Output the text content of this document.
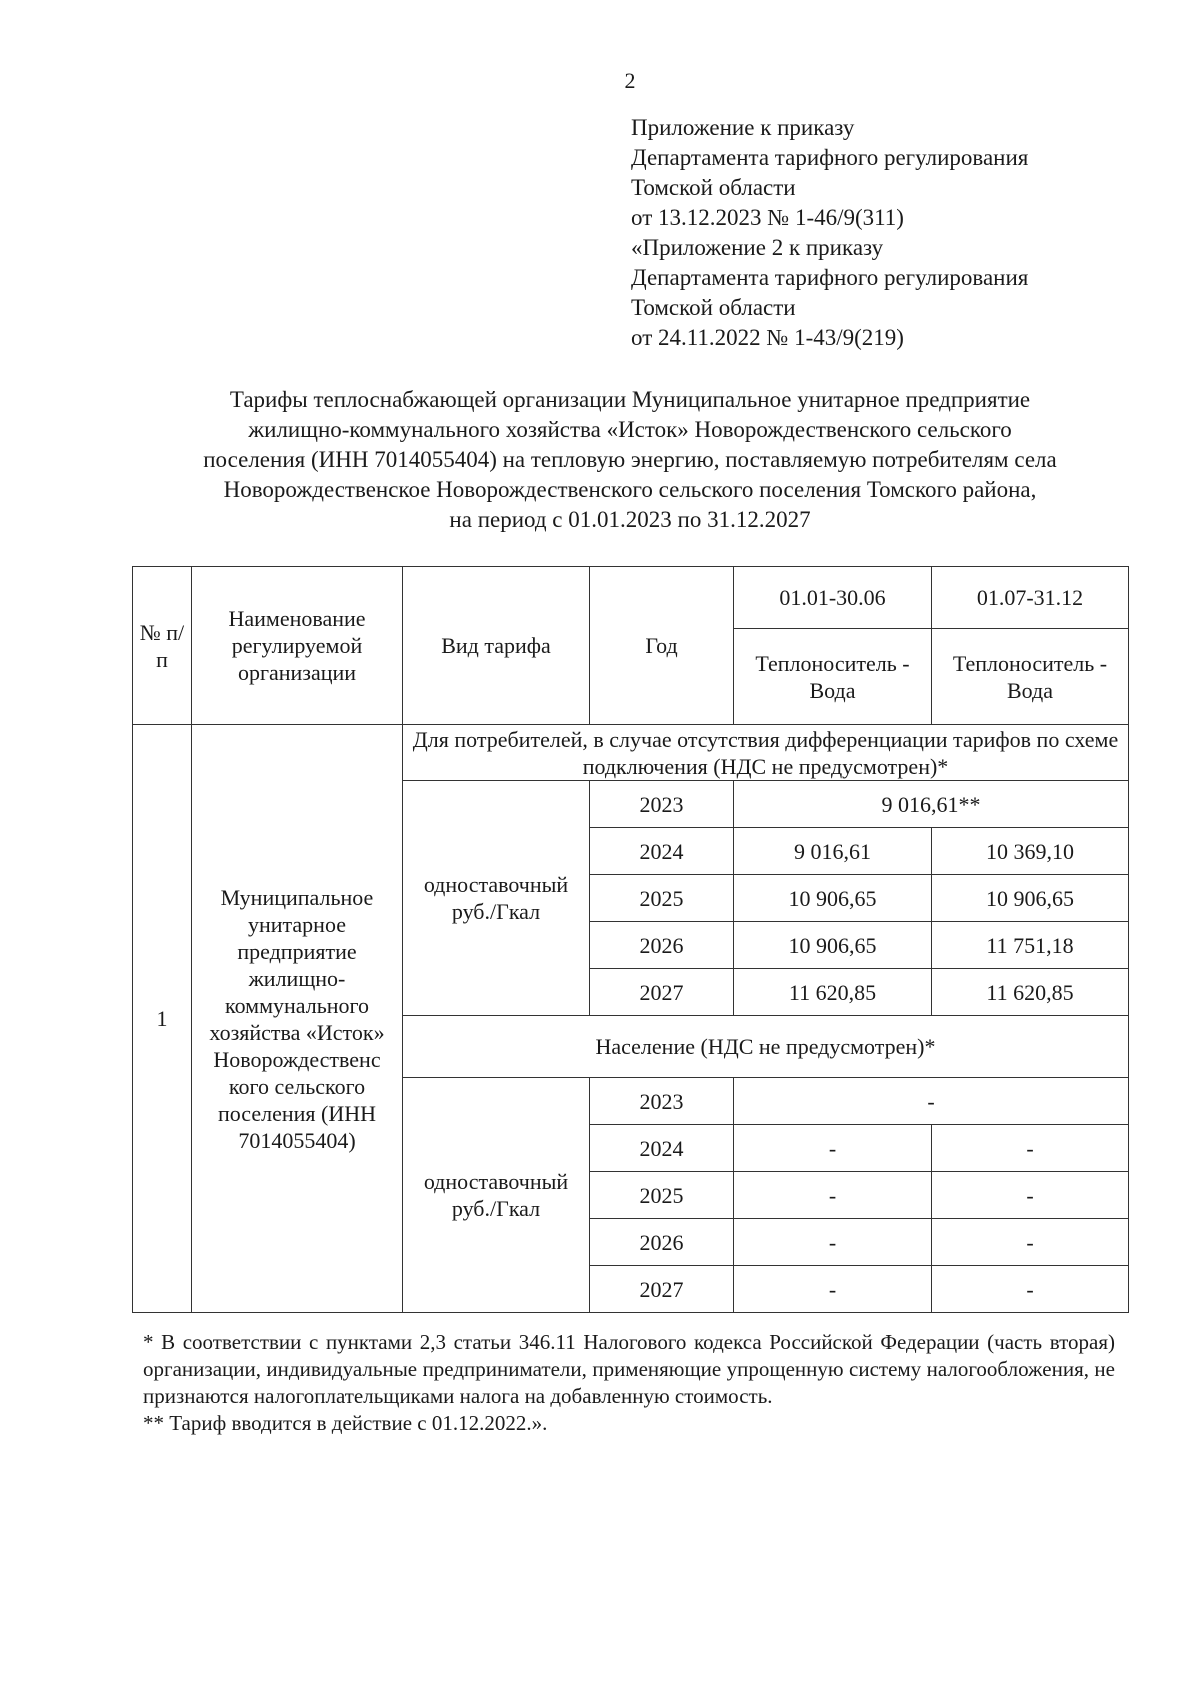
2
Приложение к приказу
Департамента тарифного регулирования
Томской области
от 13.12.2023 № 1-46/9(311)
«Приложение 2 к приказу
Департамента тарифного регулирования
Томской области
от 24.11.2022 № 1-43/9(219)
Тарифы теплоснабжающей организации Муниципальное унитарное предприятие
жилищно-коммунального хозяйства «Исток» Новорождественского сельского
поселения (ИНН 7014055404) на тепловую энергию, поставляемую потребителям села
Новорождественское Новорождественского сельского поселения Томского района,
на период с 01.01.2023 по 31.12.2027
№ п/п	Наименование регулируемой организации	Вид тарифа	Год	01.01-30.06	01.07-31.12
				Теплоноситель - Вода	Теплоноситель - Вода
1	Муниципальное унитарное предприятие жилищно-коммунального хозяйства «Исток» Новорождественс кого сельского поселения (ИНН 7014055404)	Для потребителей, в случае отсутствия дифференциации тарифов по схеме подключения (НДС не предусмотрен)*			
		одноставочный руб./Гкал	2023	9 016,61**	
			2024	9 016,61	10 369,10
			2025	10 906,65	10 906,65
			2026	10 906,65	11 751,18
			2027	11 620,85	11 620,85
		Население (НДС не предусмотрен)*			
		одноставочный руб./Гкал	2023	-	
			2024	-	-
			2025	-	-
			2026	-	-
			2027	-	-
* В соответствии с пунктами 2,3 статьи 346.11 Налогового кодекса Российской Федерации (часть вторая) организации, индивидуальные предприниматели, применяющие упрощенную систему налогообложения, не признаются налогоплательщиками налога на добавленную стоимость.
** Тариф вводится в действие с 01.12.2022.».
